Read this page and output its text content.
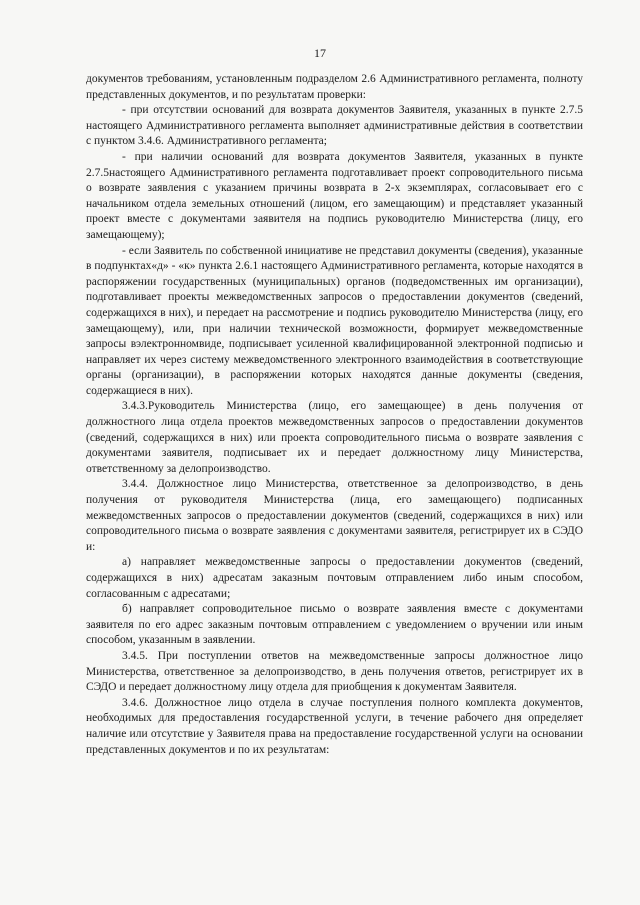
17

документов требованиям, установленным подразделом 2.6 Административного регламента, полноту представленных документов, и по результатам проверки:

- при отсутствии оснований для возврата документов Заявителя, указанных в пункте 2.7.5 настоящего Административного регламента выполняет административные действия в соответствии с пунктом 3.4.6. Административного регламента;

- при наличии оснований для возврата документов Заявителя, указанных в пункте 2.7.5настоящего Административного регламента подготавливает проект сопроводительного письма о возврате заявления с указанием причины возврата в 2-х экземплярах, согласовывает его с начальником отдела земельных отношений (лицом, его замещающим) и представляет указанный проект вместе с документами заявителя на подпись руководителю Министерства (лицу, его замещающему);

- если Заявитель по собственной инициативе не представил документы (сведения), указанные в подпунктах«д» - «к» пункта 2.6.1 настоящего Административного регламента, которые находятся в распоряжении государственных (муниципальных) органов (подведомственных им организации), подготавливает проекты межведомственных запросов о предоставлении документов (сведений, содержащихся в них), и передает на рассмотрение и подпись руководителю Министерства (лицу, его замещающему), или, при наличии технической возможности, формирует межведомственные запросы вэлектронномвиде, подписывает усиленной квалифицированной электронной подписью и направляет их через систему межведомственного электронного взаимодействия в соответствующие органы (организации), в распоряжении которых находятся данные документы (сведения, содержащиеся в них).

3.4.3.Руководитель Министерства (лицо, его замещающее) в день получения от должностного лица отдела проектов межведомственных запросов о предоставлении документов (сведений, содержащихся в них) или проекта сопроводительного письма о возврате заявления с документами заявителя, подписывает их и передает должностному лицу Министерства, ответственному за делопроизводство.

3.4.4. Должностное лицо Министерства, ответственное за делопроизводство, в день получения от руководителя Министерства (лица, его замещающего) подписанных межведомственных запросов о предоставлении документов (сведений, содержащихся в них) или сопроводительного письма о возврате заявления с документами заявителя, регистрирует их в СЭДО и:

а) направляет межведомственные запросы о предоставлении документов (сведений, содержащихся в них) адресатам заказным почтовым отправлением либо иным способом, согласованным с адресатами;

б) направляет сопроводительное письмо о возврате заявления вместе с документами заявителя по его адрес заказным почтовым отправлением с уведомлением о вручении или иным способом, указанным в заявлении.

3.4.5. При поступлении ответов на межведомственные запросы должностное лицо Министерства, ответственное за делопроизводство, в день получения ответов, регистрирует их в СЭДО и передает должностному лицу отдела для приобщения к документам Заявителя.

3.4.6. Должностное лицо отдела в случае поступления полного комплекта документов, необходимых для предоставления государственной услуги, в течение рабочего дня определяет наличие или отсутствие у Заявителя права на предоставление государственной услуги на основании представленных документов и по их результатам:
